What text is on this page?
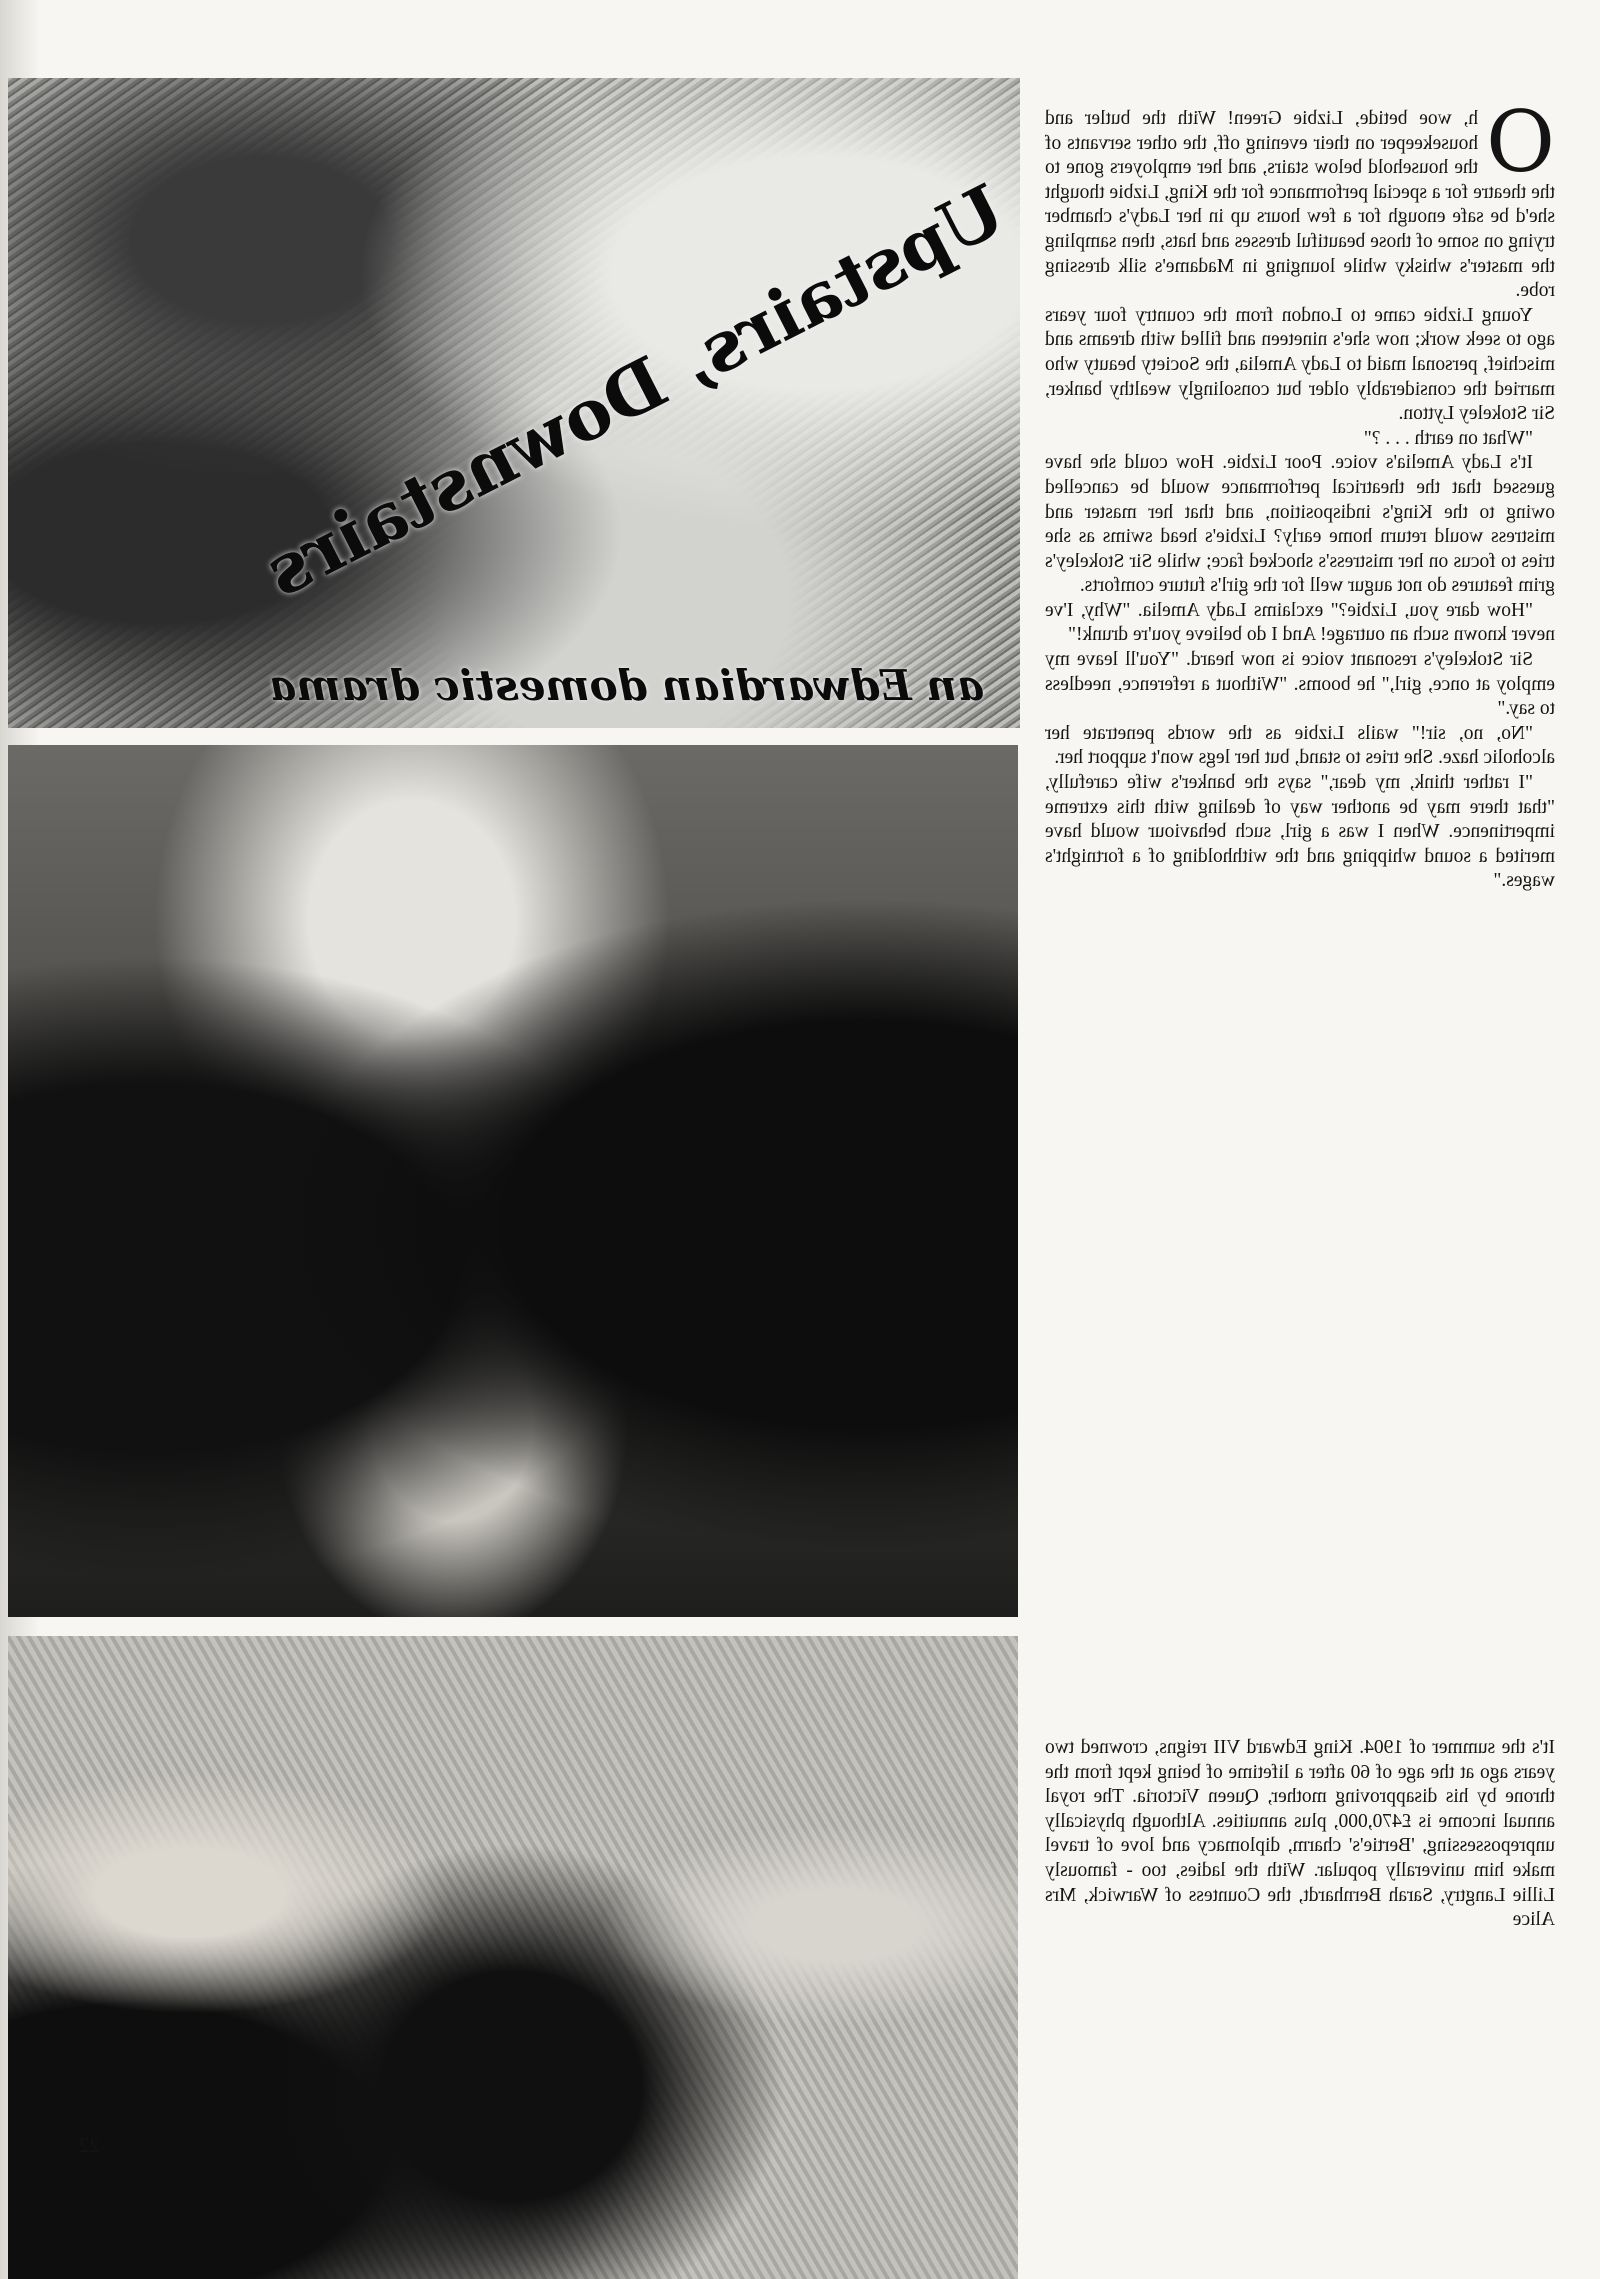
O

h, woe betide, Lizbie Green! With the butler and housekeeper on their evening off, the other servants of the household below stairs, and her employers gone to the theatre for a special performance for the King, Lizbie thought she'd be safe enough for a few hours up in her Lady's chamber trying on some of those beautiful dresses and hats, then sampling the master's whisky while lounging in Madame's silk dressing robe.

Young Lizbie came to London from the country four years ago to seek work; now she's nineteen and filled with dreams and mischief, personal maid to Lady Amelia, the Society beauty who married the considerably older but consolingly wealthy banker, Sir Stokeley Lytton.

"What on earth . . . ?"

It's Lady Amelia's voice. Poor Lizbie. How could she have guessed that the theatrical performance would be cancelled owing to the King's indisposition, and that her master and mistress would return home early? Lizbie's head swims as she tries to focus on her mistress's shocked face; while Sir Stokeley's grim features do not augur well for the girl's future comforts.

"How dare you, Lizbie?" exclaims Lady Amelia. "Why, I've never known such an outrage! And I do believe you're drunk!"

Sir Stokeley's resonant voice is now heard. "You'll leave my employ at once, girl," he booms. "Without a reference, needless to say."

"No, no, sir!" wails Lizbie as the words penetrate her alcoholic haze. She tries to stand, but her legs won't support her.

"I rather think, my dear," says the banker's wife carefully, "that there may be another way of dealing with this extreme impertinence. When I was a girl, such behaviour would have merited a sound whipping and the withholding of a fortnight's wages."

It's the summer of 1904. King Edward VII reigns, crowned two years ago at the age of 60 after a lifetime of being kept from the throne by his disapproving mother, Queen Victoria. The royal annual income is £470,000, plus annuities. Although physically unprepossessing, 'Bertie's' charm, diplomacy and love of travel make him univerally popular. With the ladies, too - famously Lillie Langtry, Sarah Bernhardt, the Countess of Warwick, Mrs Alice

Upstairs, Downstairs
an Edwardian domestic drama

22
